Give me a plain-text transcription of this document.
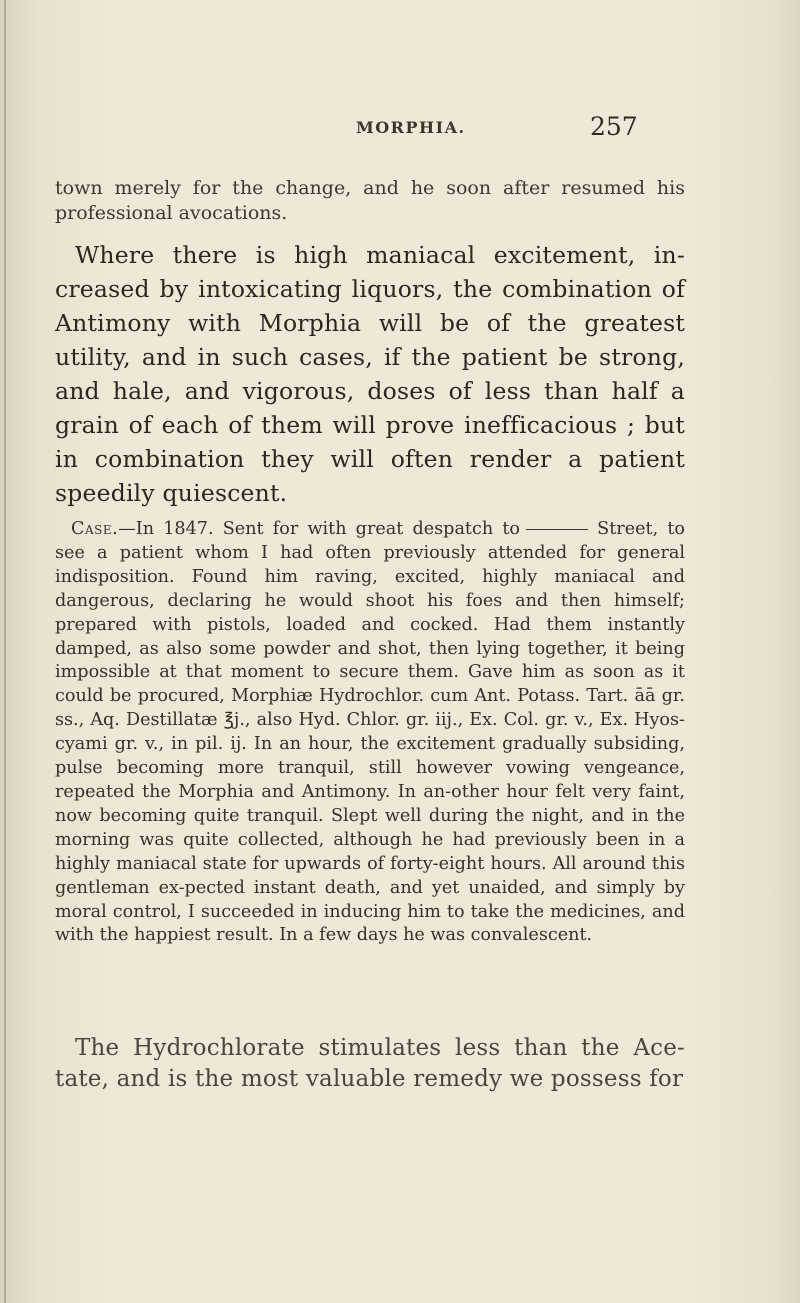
MORPHIA.	257
town merely for the change, and he soon after resumed his professional avocations.
Where there is high maniacal excitement, in-creased by intoxicating liquors, the combination of Antimony with Morphia will be of the greatest utility, and in such cases, if the patient be strong, and hale, and vigorous, doses of less than half a grain of each of them will prove inefficacious ; but in combination they will often render a patient speedily quiescent.
Case.—In 1847. Sent for with great despatch to	Street, to see a patient whom I had often previously attended for general indisposition. Found him raving, excited, highly maniacal and dangerous, declaring he would shoot his foes and then himself; prepared with pistols, loaded and cocked. Had them instantly damped, as also some powder and shot, then lying together, it being impossible at that moment to secure them. Gave him as soon as it could be procured, Morphiæ Hydrochlor. cum Ant. Potass. Tart. āā gr. ss., Aq. Destillatæ ℥j., also Hyd. Chlor. gr. iij., Ex. Col. gr. v., Ex. Hyos-cyami gr. v., in pil. ij. In an hour, the excitement gradually subsiding, pulse becoming more tranquil, still however vowing vengeance, repeated the Morphia and Antimony. In an-other hour felt very faint, now becoming quite tranquil. Slept well during the night, and in the morning was quite collected, although he had previously been in a highly maniacal state for upwards of forty-eight hours. All around this gentleman ex-pected instant death, and yet unaided, and simply by moral control, I succeeded in inducing him to take the medicines, and with the happiest result. In a few days he was convalescent.
The Hydrochlorate stimulates less than the Ace-tate, and is the most valuable remedy we possess for
